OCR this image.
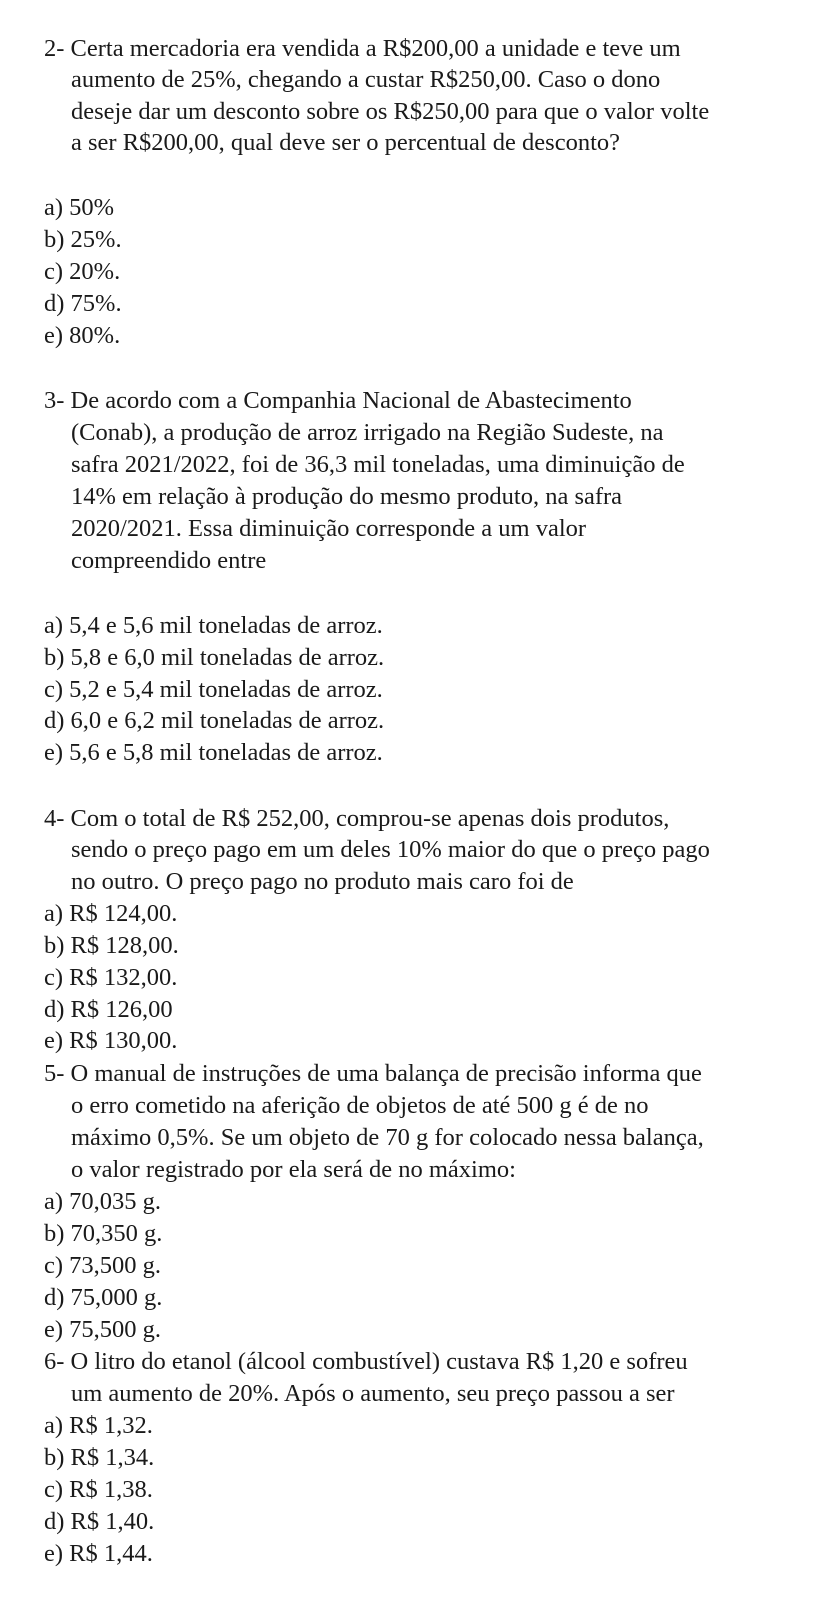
2- Certa mercadoria era vendida a R$200,00 a unidade e teve um
aumento de 25%, chegando a custar R$250,00. Caso o dono
deseje dar um desconto sobre os R$250,00 para que o valor volte
a ser R$200,00, qual deve ser o percentual de desconto?
a) 50%
b) 25%.
c) 20%.
d) 75%.
e) 80%.
3- De acordo com a Companhia Nacional de Abastecimento
(Conab), a produção de arroz irrigado na Região Sudeste, na
safra 2021/2022, foi de 36,3 mil toneladas, uma diminuição de
14% em relação à produção do mesmo produto, na safra
2020/2021. Essa diminuição corresponde a um valor
compreendido entre
a) 5,4 e 5,6 mil toneladas de arroz.
b) 5,8 e 6,0 mil toneladas de arroz.
c) 5,2 e 5,4 mil toneladas de arroz.
d) 6,0 e 6,2 mil toneladas de arroz.
e) 5,6 e 5,8 mil toneladas de arroz.
4- Com o total de R$ 252,00, comprou-se apenas dois produtos,
sendo o preço pago em um deles 10% maior do que o preço pago
no outro. O preço pago no produto mais caro foi de
a) R$ 124,00.
b) R$ 128,00.
c) R$ 132,00.
d) R$ 126,00
e) R$ 130,00.
5- O manual de instruções de uma balança de precisão informa que
o erro cometido na aferição de objetos de até 500 g é de no
máximo 0,5%. Se um objeto de 70 g for colocado nessa balança,
o valor registrado por ela será de no máximo:
a) 70,035 g.
b) 70,350 g.
c) 73,500 g.
d) 75,000 g.
e) 75,500 g.
6- O litro do etanol (álcool combustível) custava R$ 1,20 e sofreu
um aumento de 20%. Após o aumento, seu preço passou a ser
a) R$ 1,32.
b) R$ 1,34.
c) R$ 1,38.
d) R$ 1,40.
e) R$ 1,44.
